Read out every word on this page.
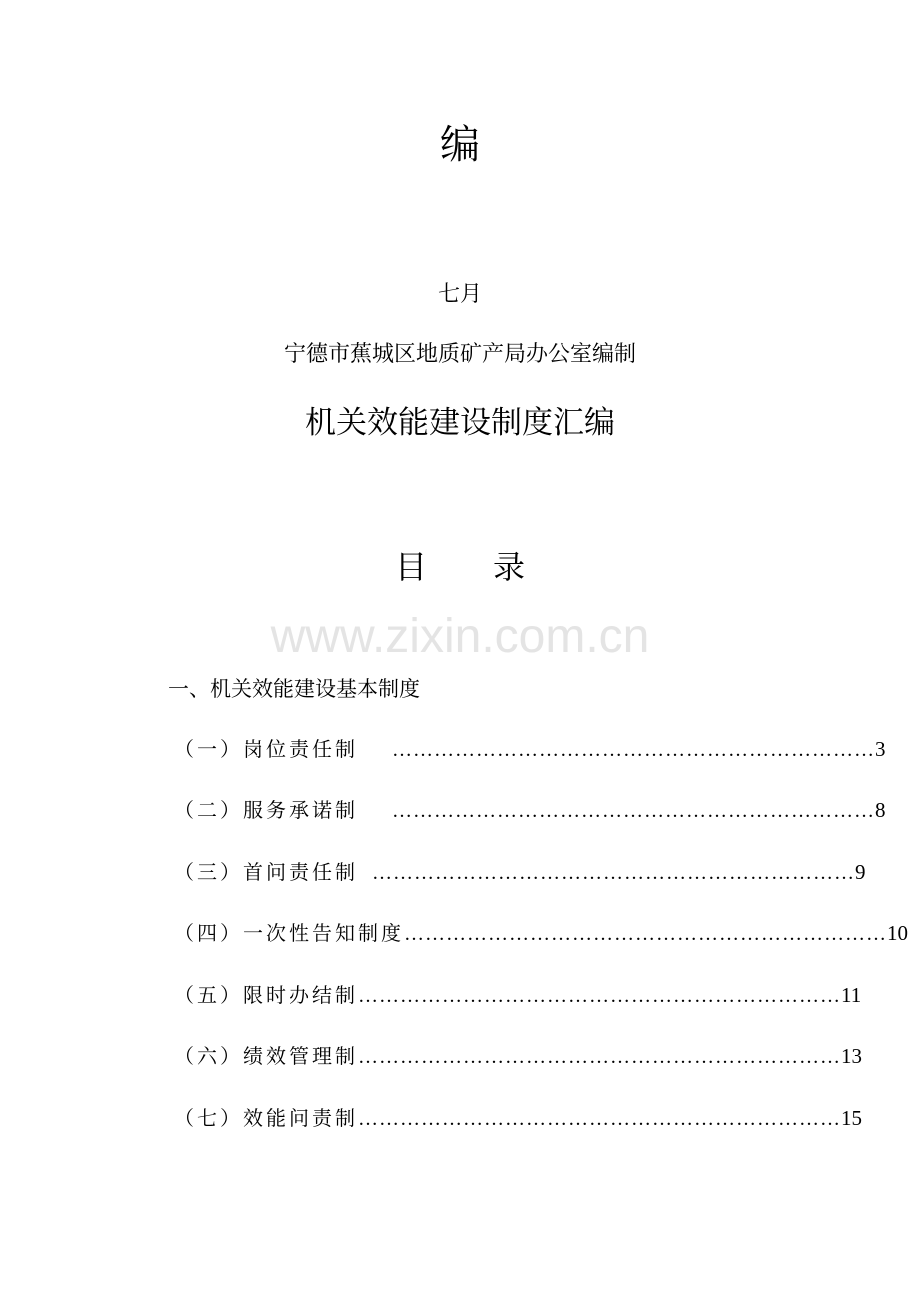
编
七月
宁德市蕉城区地质矿产局办公室编制
机关效能建设制度汇编
目 录
www.zixin.com.cn
一、机关效能建设基本制度
（一）岗位责任制 …………………………………………………………… 3
（二）服务承诺制 …………………………………………………………… 8
（三）首问责任制 …………………………………………………………… 9
（四）一次性告知制度 …………………………………………………………… 10
（五）限时办结制 …………………………………………………………… 11
（六）绩效管理制 …………………………………………………………… 13
（七）效能问责制 …………………………………………………………… 15
